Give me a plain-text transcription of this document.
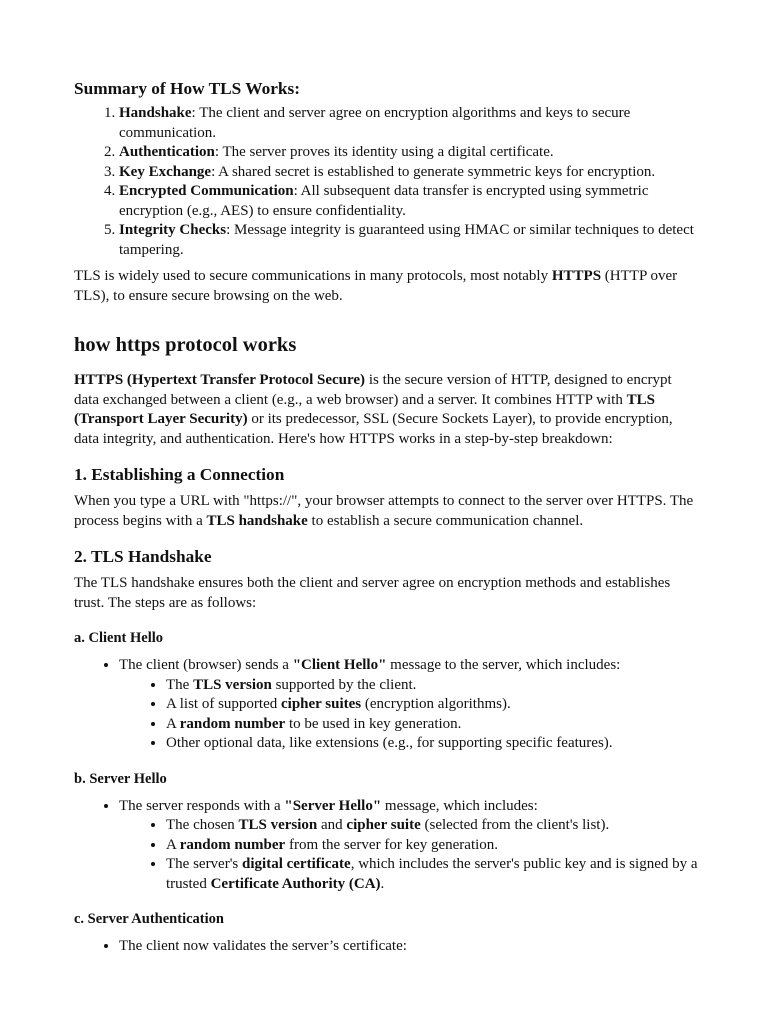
Summary of How TLS Works:
1. Handshake: The client and server agree on encryption algorithms and keys to secure communication.
2. Authentication: The server proves its identity using a digital certificate.
3. Key Exchange: A shared secret is established to generate symmetric keys for encryption.
4. Encrypted Communication: All subsequent data transfer is encrypted using symmetric encryption (e.g., AES) to ensure confidentiality.
5. Integrity Checks: Message integrity is guaranteed using HMAC or similar techniques to detect tampering.

TLS is widely used to secure communications in many protocols, most notably HTTPS (HTTP over TLS), to ensure secure browsing on the web.

how https protocol works

HTTPS (Hypertext Transfer Protocol Secure) is the secure version of HTTP, designed to encrypt data exchanged between a client (e.g., a web browser) and a server. It combines HTTP with TLS (Transport Layer Security) or its predecessor, SSL (Secure Sockets Layer), to provide encryption, data integrity, and authentication. Here's how HTTPS works in a step-by-step breakdown:

1. Establishing a Connection

When you type a URL with "https://", your browser attempts to connect to the server over HTTPS. The process begins with a TLS handshake to establish a secure communication channel.

2. TLS Handshake

The TLS handshake ensures both the client and server agree on encryption methods and establishes trust. The steps are as follows:

a. Client Hello
• The client (browser) sends a "Client Hello" message to the server, which includes:
• The TLS version supported by the client.
• A list of supported cipher suites (encryption algorithms).
• A random number to be used in key generation.
• Other optional data, like extensions (e.g., for supporting specific features).
b. Server Hello
• The server responds with a "Server Hello" message, which includes:
• The chosen TLS version and cipher suite (selected from the client's list).
• A random number from the server for key generation.
• The server's digital certificate, which includes the server's public key and is signed by a trusted Certificate Authority (CA).
c. Server Authentication
• The client now validates the server’s certificate:
